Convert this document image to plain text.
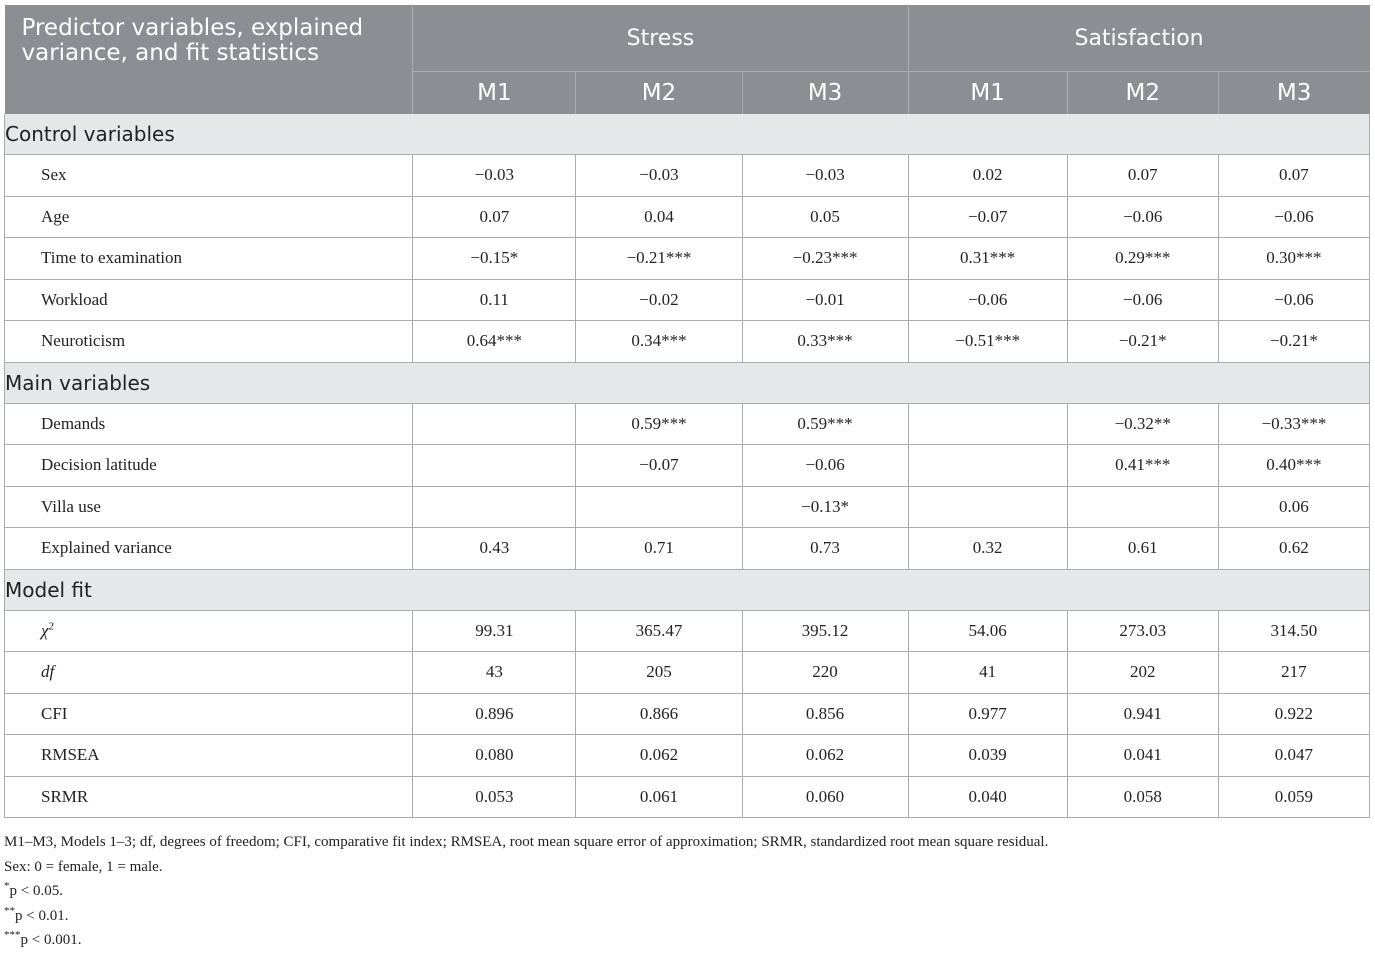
Predictor variables, explained variance, and fit statistics	Stress			Satisfaction		
	M1	M2	M3	M1	M2	M3
Control variables						
Sex	−0.03	−0.03	−0.03	0.02	0.07	0.07
Age	0.07	0.04	0.05	−0.07	−0.06	−0.06
Time to examination	−0.15*	−0.21***	−0.23***	0.31***	0.29***	0.30***
Workload	0.11	−0.02	−0.01	−0.06	−0.06	−0.06
Neuroticism	0.64***	0.34***	0.33***	−0.51***	−0.21*	−0.21*
Main variables						
Demands		0.59***	0.59***		−0.32**	−0.33***
Decision latitude		−0.07	−0.06		0.41***	0.40***
Villa use			−0.13*			0.06
Explained variance	0.43	0.71	0.73	0.32	0.61	0.62
Model fit						
$\chi^2$	99.31	365.47	395.12	54.06	273.03	314.50
df	43	205	220	41	202	217
CFI	0.896	0.866	0.856	0.977	0.941	0.922
RMSEA	0.080	0.062	0.062	0.039	0.041	0.047
SRMR	0.053	0.061	0.060	0.040	0.058	0.059
M1–M3, Models 1–3; df, degrees of freedom; CFI, comparative fit index; RMSEA, root mean square error of approximation; SRMR, standardized root mean square residual.
Sex: 0 = female, 1 = male.
*p < 0.05.
**p < 0.01.
***p < 0.001.
